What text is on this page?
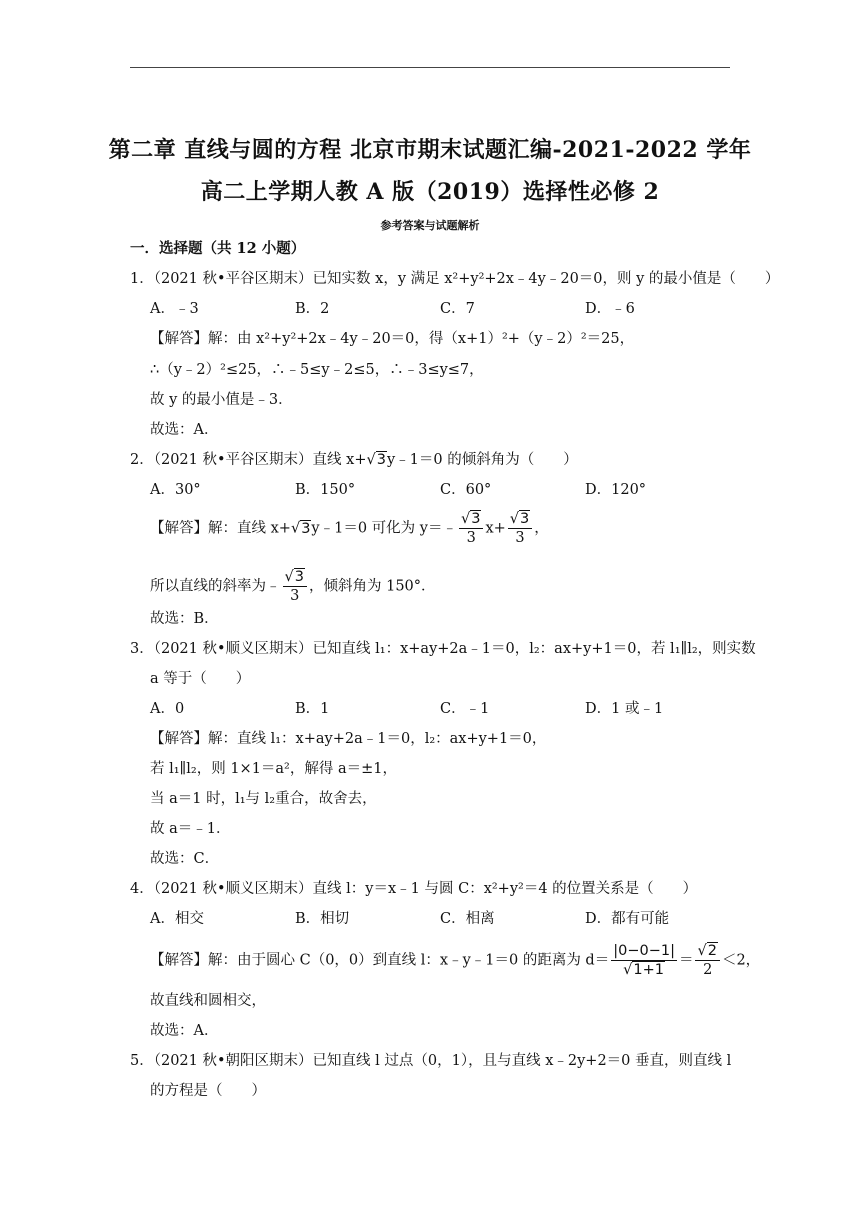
第二章 直线与圆的方程 北京市期末试题汇编-2021-2022 学年
高二上学期人教 A 版（2019）选择性必修 2
参考答案与试题解析
一．选择题（共 12 小题）
1．（2021 秋•平谷区期末）已知实数 x，y 满足 x²+y²+2x﹣4y﹣20＝0，则 y 的最小值是（　　）
A．﹣3	B．2	C．7	D．﹣6
【解答】解：由 x²+y²+2x﹣4y﹣20＝0，得（x+1）²+（y﹣2）²＝25，
∴（y﹣2）²≤25，∴﹣5≤y﹣2≤5，∴﹣3≤y≤7，
故 y 的最小值是﹣3．
故选：A．
2．（2021 秋•平谷区期末）直线 x+√3y﹣1＝0 的倾斜角为（　　）
A．30°	B．150°	C．60°	D．120°
【解答】解：直线 x+√3y﹣1＝0 可化为 y＝﹣ $\frac{√3}{3} x+ \frac{√3}{3}$ ，
所以直线的斜率为﹣ $\frac{√3}{3}$ ，倾斜角为 150°．
故选：B．
3．（2021 秋•顺义区期末）已知直线 l₁：x+ay+2a﹣1＝0，l₂：ax+y+1＝0，若 l₁∥l₂，则实数
a 等于（　　）
A．0	B．1	C．﹣1	D．1 或﹣1
【解答】解：直线 l₁：x+ay+2a﹣1＝0，l₂：ax+y+1＝0，
若 l₁∥l₂，则 1×1＝a²，解得 a＝±1，
当 a＝1 时，l₁与 l₂重合，故舍去，
故 a＝﹣1．
故选：C．
4．（2021 秋•顺义区期末）直线 l：y＝x﹣1 与圆 C：x²+y²＝4 的位置关系是（　　）
A．相交	B．相切	C．相离	D．都有可能
【解答】解：由于圆心 C（0，0）到直线 l：x﹣y﹣1＝0 的距离为 $d= \frac{|0-0-1|}{√1+1} = \frac{√2}{2} <2$，
故直线和圆相交，
故选：A．
5．（2021 秋•朝阳区期末）已知直线 l 过点（0，1），且与直线 x﹣2y+2＝0 垂直，则直线 l
的方程是（　　）
